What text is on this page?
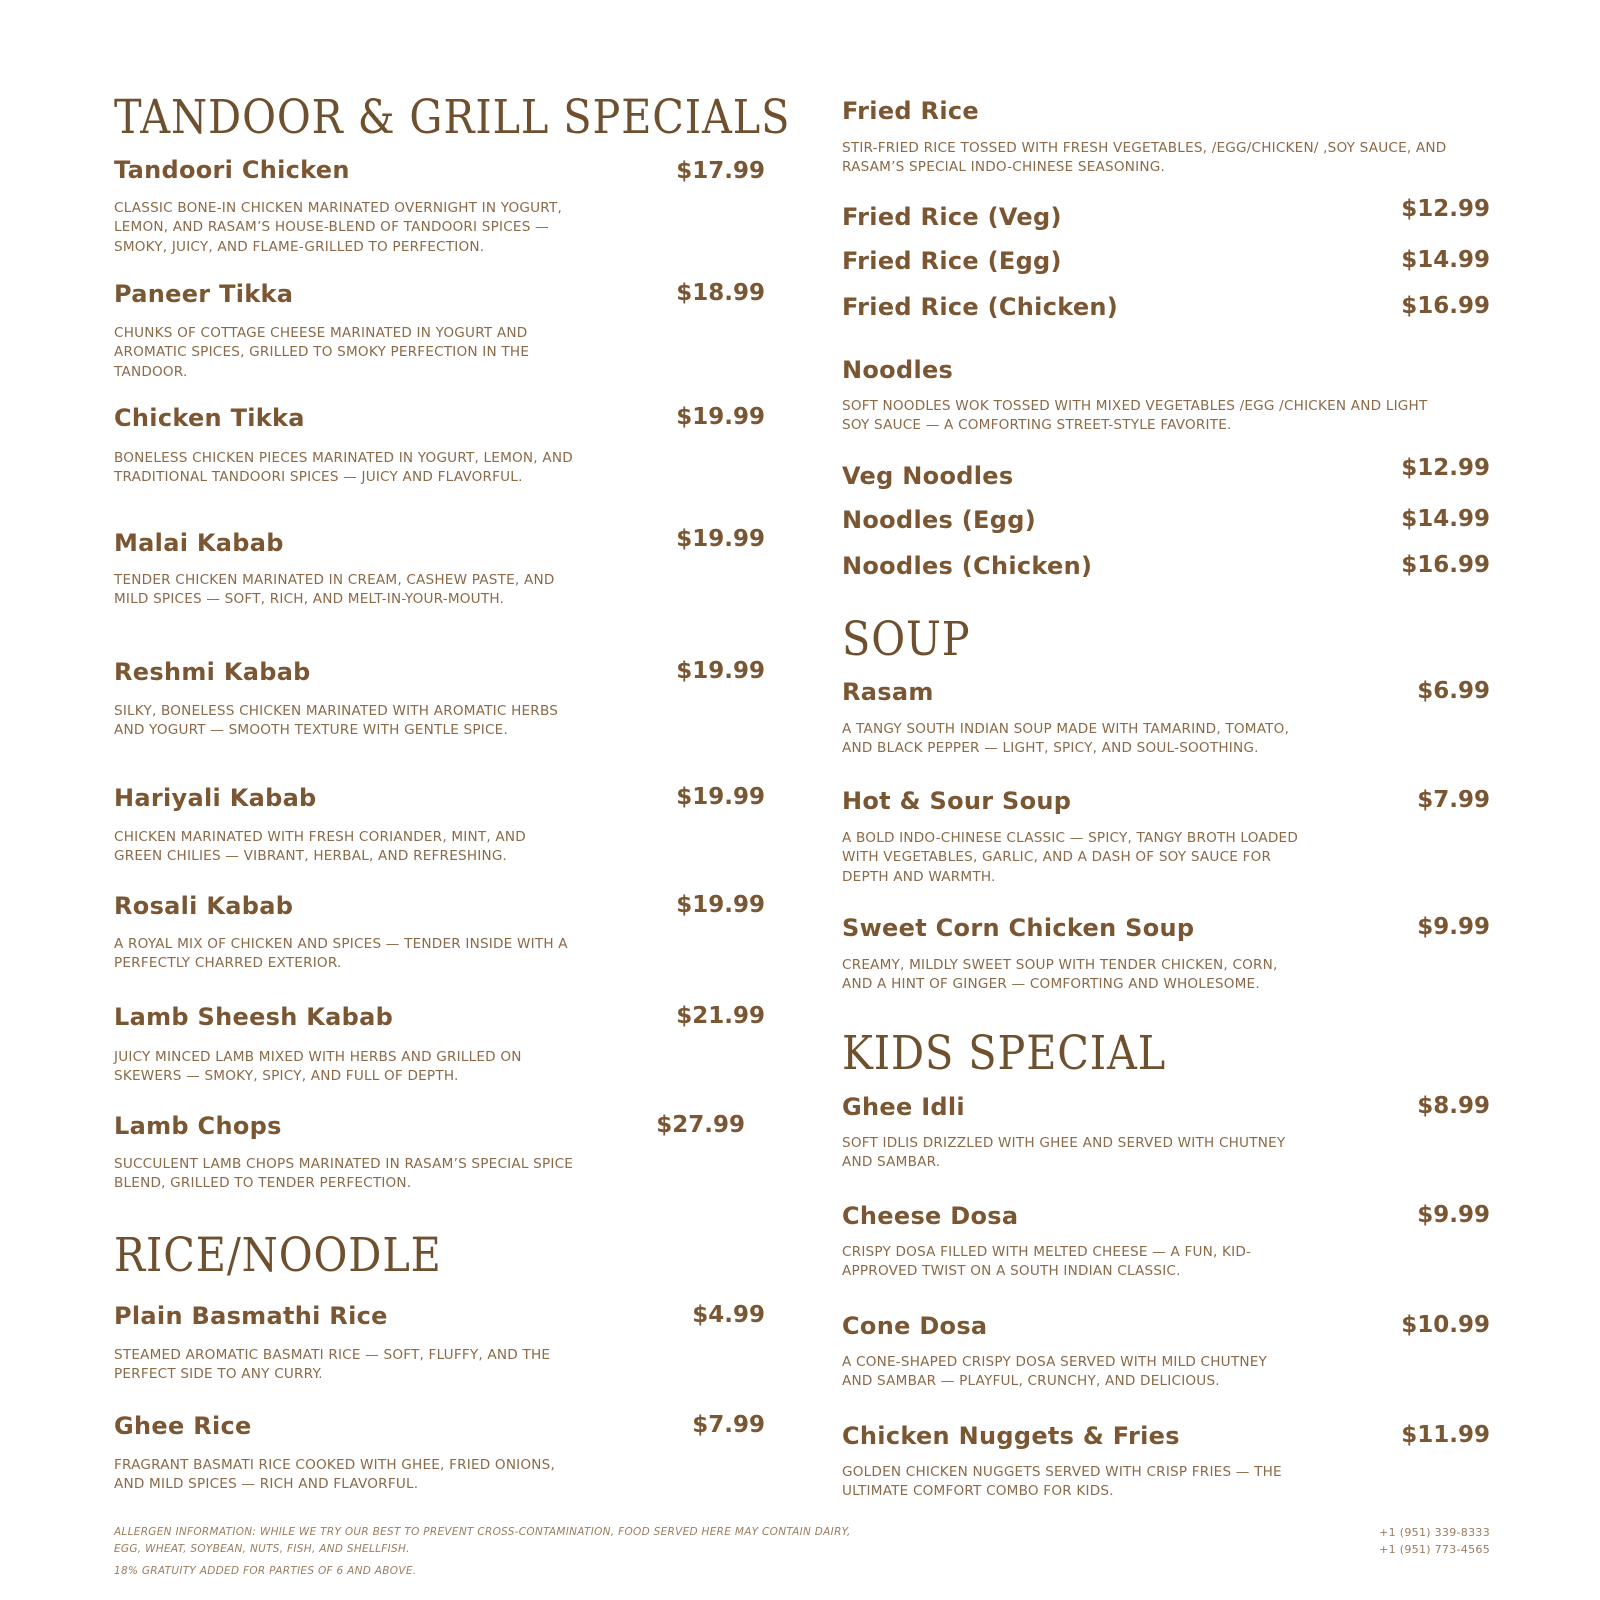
TANDOOR & GRILL SPECIALS
Tandoori Chicken	$17.99

CLASSIC BONE-IN CHICKEN MARINATED OVERNIGHT IN YOGURT, LEMON, AND RASAM’S HOUSE-BLEND OF TANDOORI SPICES — SMOKY, JUICY, AND FLAME-GRILLED TO PERFECTION.

Paneer Tikka	$18.99

CHUNKS OF COTTAGE CHEESE MARINATED IN YOGURT AND AROMATIC SPICES, GRILLED TO SMOKY PERFECTION IN THE TANDOOR.

Chicken Tikka	$19.99

BONELESS CHICKEN PIECES MARINATED IN YOGURT, LEMON, AND TRADITIONAL TANDOORI SPICES — JUICY AND FLAVORFUL.

Malai Kabab	$19.99

TENDER CHICKEN MARINATED IN CREAM, CASHEW PASTE, AND MILD SPICES — SOFT, RICH, AND MELT-IN-YOUR-MOUTH.

Reshmi Kabab	$19.99

SILKY, BONELESS CHICKEN MARINATED WITH AROMATIC HERBS AND YOGURT — SMOOTH TEXTURE WITH GENTLE SPICE.

Hariyali Kabab	$19.99

CHICKEN MARINATED WITH FRESH CORIANDER, MINT, AND GREEN CHILIES — VIBRANT, HERBAL, AND REFRESHING.

Rosali Kabab	$19.99

A ROYAL MIX OF CHICKEN AND SPICES — TENDER INSIDE WITH A PERFECTLY CHARRED EXTERIOR.

Lamb Sheesh Kabab	$21.99

JUICY MINCED LAMB MIXED WITH HERBS AND GRILLED ON SKEWERS — SMOKY, SPICY, AND FULL OF DEPTH.

Lamb Chops	$27.99

SUCCULENT LAMB CHOPS MARINATED IN RASAM’S SPECIAL SPICE BLEND, GRILLED TO TENDER PERFECTION.

RICE/NOODLE
Plain Basmathi Rice	$4.99

STEAMED AROMATIC BASMATI RICE — SOFT, FLUFFY, AND THE PERFECT SIDE TO ANY CURRY.

Ghee Rice	$7.99

FRAGRANT BASMATI RICE COOKED WITH GHEE, FRIED ONIONS, AND MILD SPICES — RICH AND FLAVORFUL.

Fried Rice

STIR-FRIED RICE TOSSED WITH FRESH VEGETABLES, /EGG/CHICKEN/ ,SOY SAUCE, AND RASAM’S SPECIAL INDO-CHINESE SEASONING.

Fried Rice (Veg)	$12.99
Fried Rice (Egg)	$14.99
Fried Rice (Chicken)	$16.99
Noodles

SOFT NOODLES WOK TOSSED WITH MIXED VEGETABLES /EGG /CHICKEN AND LIGHT SOY SAUCE — A COMFORTING STREET-STYLE FAVORITE.

Veg Noodles	$12.99
Noodles (Egg)	$14.99
Noodles (Chicken)	$16.99
SOUP
Rasam	$6.99

A TANGY SOUTH INDIAN SOUP MADE WITH TAMARIND, TOMATO, AND BLACK PEPPER — LIGHT, SPICY, AND SOUL-SOOTHING.

Hot & Sour Soup	$7.99

A BOLD INDO-CHINESE CLASSIC — SPICY, TANGY BROTH LOADED WITH VEGETABLES, GARLIC, AND A DASH OF SOY SAUCE FOR DEPTH AND WARMTH.

Sweet Corn Chicken Soup	$9.99

CREAMY, MILDLY SWEET SOUP WITH TENDER CHICKEN, CORN, AND A HINT OF GINGER — COMFORTING AND WHOLESOME.

KIDS SPECIAL
Ghee Idli	$8.99

SOFT IDLIS DRIZZLED WITH GHEE AND SERVED WITH CHUTNEY AND SAMBAR.

Cheese Dosa	$9.99

CRISPY DOSA FILLED WITH MELTED CHEESE — A FUN, KID-APPROVED TWIST ON A SOUTH INDIAN CLASSIC.

Cone Dosa	$10.99

A CONE-SHAPED CRISPY DOSA SERVED WITH MILD CHUTNEY AND SAMBAR — PLAYFUL, CRUNCHY, AND DELICIOUS.

Chicken Nuggets & Fries	$11.99

GOLDEN CHICKEN NUGGETS SERVED WITH CRISP FRIES — THE ULTIMATE COMFORT COMBO FOR KIDS.

ALLERGEN INFORMATION: WHILE WE TRY OUR BEST TO PREVENT CROSS-CONTAMINATION, FOOD SERVED HERE MAY CONTAIN DAIRY,
EGG, WHEAT, SOYBEAN, NUTS, FISH, AND SHELLFISH.

18% GRATUITY ADDED FOR PARTIES OF 6 AND ABOVE.

+1 (951) 339-8333
+1 (951) 773-4565
